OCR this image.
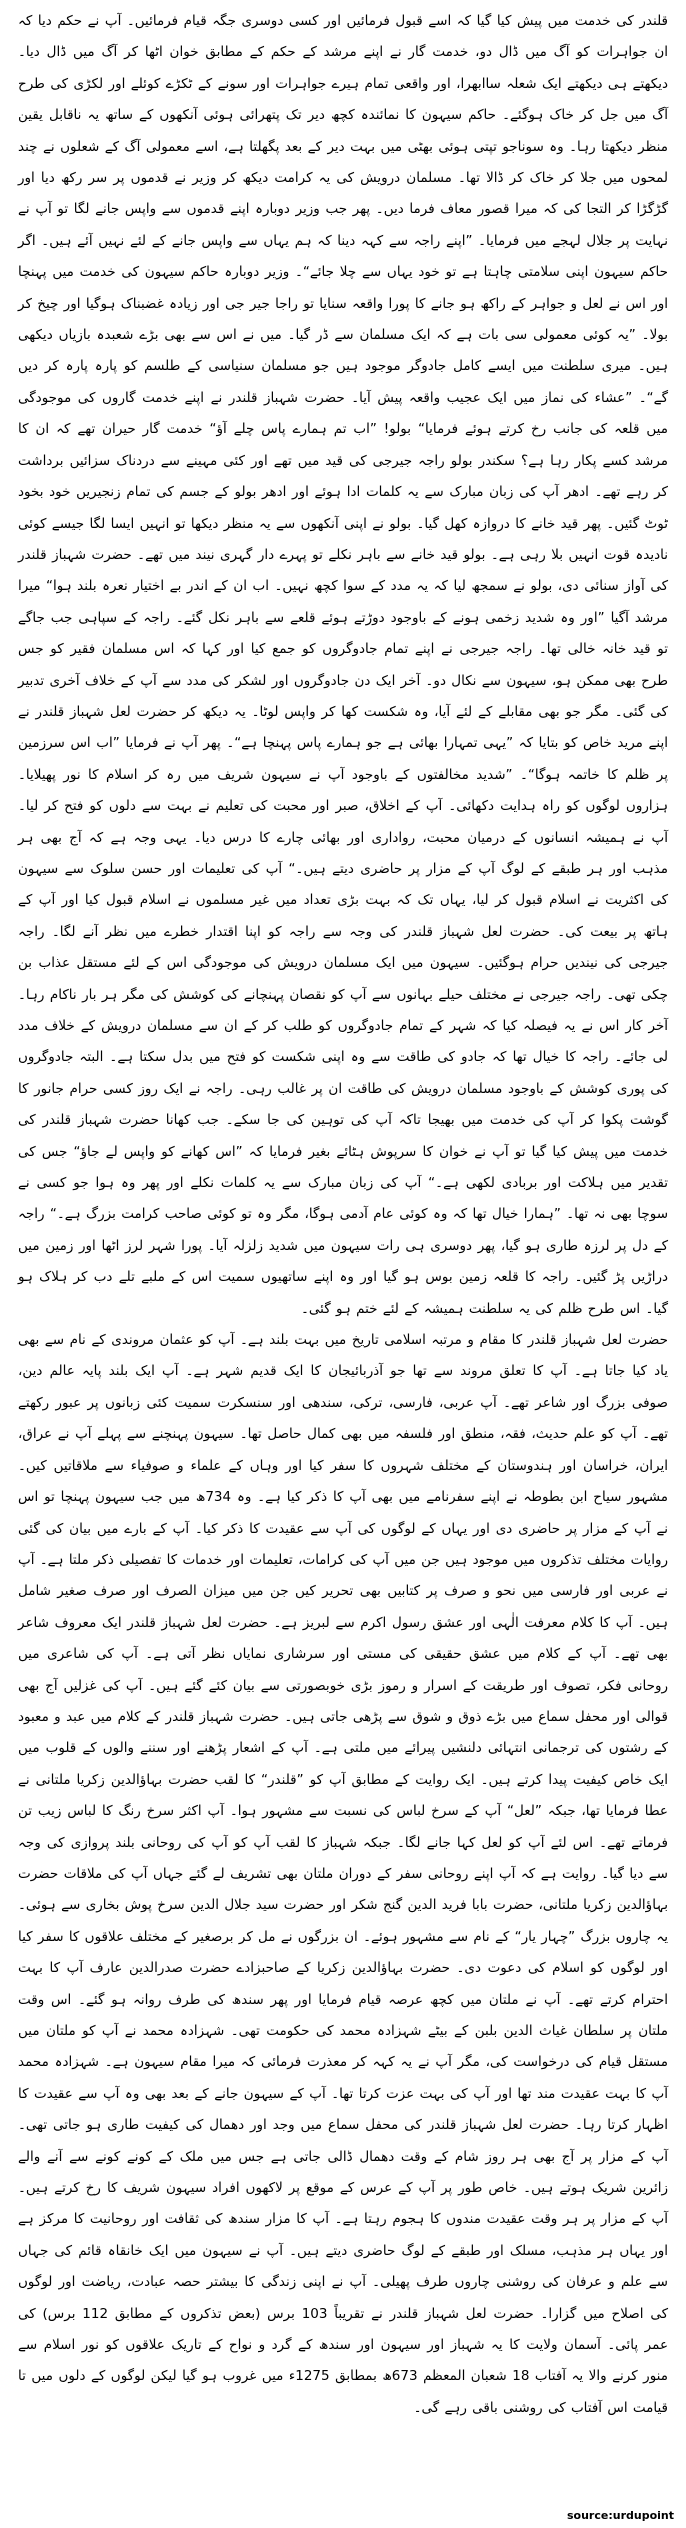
قلندر کی خدمت میں پیش کیا گیا کہ اسے قبول فرمائیں اور کسی دوسری جگہ قیام فرمائیں۔ آپ نے حکم دیا کہ ان جواہرات کو آگ میں ڈال دو، خدمت گار نے اپنے مرشد کے حکم کے مطابق خوان اٹھا کر آگ میں ڈال دیا۔ دیکھتے ہی دیکھتے ایک شعلہ ساابھرا، اور واقعی تمام ہیرے جواہرات اور سونے کے ٹکڑے کوئلے اور لکڑی کی طرح آگ میں جل کر خاک ہوگئے۔ حاکم سیہون کا نمائندہ کچھ دیر تک پتھرائی ہوئی آنکھوں کے ساتھ یہ ناقابل یقین منظر دیکھتا رہا۔ وہ سوناجو تپتی ہوئی بھٹی میں بہت دیر کے بعد پگھلتا ہے، اسے معمولی آگ کے شعلوں نے چند لمحوں میں جلا کر خاک کر ڈالا تھا۔ مسلمان درویش کی یہ کرامت دیکھ کر وزیر نے قدموں پر سر رکھ دیا اور گڑگڑا کر التجا کی کہ میرا قصور معاف فرما دیں۔ پھر جب وزیر دوبارہ اپنے قدموں سے واپس جانے لگا تو آپ نے نہایت پر جلال لہجے میں فرمایا۔ ”اپنے راجہ سے کہہ دینا کہ ہم یہاں سے واپس جانے کے لئے نہیں آئے ہیں۔ اگر حاکم سیہون اپنی سلامتی چاہتا ہے تو خود یہاں سے چلا جائے“۔ وزیر دوبارہ حاکم سیہون کی خدمت میں پہنچا اور اس نے لعل و جواہر کے راکھ ہو جانے کا پورا واقعہ سنایا تو راجا جیر جی اور زیادہ غضبناک ہوگیا اور چیخ کر بولا۔ ”یہ کوئی معمولی سی بات ہے کہ ایک مسلمان سے ڈر گیا۔ میں نے اس سے بھی بڑے شعبدہ بازیاں دیکھی ہیں۔ میری سلطنت میں ایسے کامل جادوگر موجود ہیں جو مسلمان سنیاسی کے طلسم کو پارہ پارہ کر دیں گے“۔ ”عشاء کی نماز میں ایک عجیب واقعہ پیش آیا۔ حضرت شہباز قلندر نے اپنے خدمت گاروں کی موجودگی میں قلعہ کی جانب رخ کرتے ہوئے فرمایا“ بولو! ”اب تم ہمارے پاس چلے آؤ“ خدمت گار حیران تھے کہ ان کا مرشد کسے پکار رہا ہے؟ سکندر بولو راجہ جیرجی کی قید میں تھے اور کئی مہینے سے دردناک سزائیں برداشت کر رہے تھے۔ ادھر آپ کی زبان مبارک سے یہ کلمات ادا ہوئے اور ادھر بولو کے جسم کی تمام زنجیریں خود بخود ٹوٹ گئیں۔ پھر قید خانے کا دروازہ کھل گیا۔ بولو نے اپنی آنکھوں سے یہ منظر دیکھا تو انہیں ایسا لگا جیسے کوئی نادیدہ قوت انہیں بلا رہی ہے۔ بولو قید خانے سے باہر نکلے تو پہرے دار گہری نیند میں تھے۔ حضرت شہباز قلندر کی آواز سنائی دی، بولو نے سمجھ لیا کہ یہ مدد کے سوا کچھ نہیں۔ اب ان کے اندر بے اختیار نعرہ بلند ہوا“ میرا مرشد آگیا ”اور وہ شدید زخمی ہونے کے باوجود دوڑتے ہوئے قلعے سے باہر نکل گئے۔ راجہ کے سپاہی جب جاگے تو قید خانہ خالی تھا۔ راجہ جیرجی نے اپنے تمام جادوگروں کو جمع کیا اور کہا کہ اس مسلمان فقیر کو جس طرح بھی ممکن ہو، سیہون سے نکال دو۔ آخر ایک دن جادوگروں اور لشکر کی مدد سے آپ کے خلاف آخری تدبیر کی گئی۔ مگر جو بھی مقابلے کے لئے آیا، وہ شکست کھا کر واپس لوٹا۔ یہ دیکھ کر حضرت لعل شہباز قلندر نے اپنے مرید خاص کو بتایا کہ ”یہی تمہارا بھائی ہے جو ہمارے پاس پہنچا ہے“۔ پھر آپ نے فرمایا ”اب اس سرزمین پر ظلم کا خاتمہ ہوگا“۔ ”شدید مخالفتوں کے باوجود آپ نے سیہون شریف میں رہ کر اسلام کا نور پھیلایا۔ ہزاروں لوگوں کو راہ ہدایت دکھائی۔ آپ کے اخلاق، صبر اور محبت کی تعلیم نے بہت سے دلوں کو فتح کر لیا۔ آپ نے ہمیشہ انسانوں کے درمیان محبت، رواداری اور بھائی چارے کا درس دیا۔ یہی وجہ ہے کہ آج بھی ہر مذہب اور ہر طبقے کے لوگ آپ کے مزار پر حاضری دیتے ہیں۔“ آپ کی تعلیمات اور حسن سلوک سے سیہون کی اکثریت نے اسلام قبول کر لیا، یہاں تک کہ بہت بڑی تعداد میں غیر مسلموں نے اسلام قبول کیا اور آپ کے ہاتھ پر بیعت کی۔ حضرت لعل شہباز قلندر کی وجہ سے راجہ کو اپنا اقتدار خطرے میں نظر آنے لگا۔ راجہ جیرجی کی نیندیں حرام ہوگئیں۔ سیہون میں ایک مسلمان درویش کی موجودگی اس کے لئے مستقل عذاب بن چکی تھی۔ راجہ جیرجی نے مختلف حیلے بہانوں سے آپ کو نقصان پہنچانے کی کوشش کی مگر ہر بار ناکام رہا۔ آخر کار اس نے یہ فیصلہ کیا کہ شہر کے تمام جادوگروں کو طلب کر کے ان سے مسلمان درویش کے خلاف مدد لی جائے۔ راجہ کا خیال تھا کہ جادو کی طاقت سے وہ اپنی شکست کو فتح میں بدل سکتا ہے۔ البتہ جادوگروں کی پوری کوشش کے باوجود مسلمان درویش کی طاقت ان پر غالب رہی۔ راجہ نے ایک روز کسی حرام جانور کا گوشت پکوا کر آپ کی خدمت میں بھیجا تاکہ آپ کی توہین کی جا سکے۔ جب کھانا حضرت شہباز قلندر کی خدمت میں پیش کیا گیا تو آپ نے خوان کا سرپوش ہٹائے بغیر فرمایا کہ ”اس کھانے کو واپس لے جاؤ“ جس کی تقدیر میں ہلاکت اور بربادی لکھی ہے۔“ آپ کی زبان مبارک سے یہ کلمات نکلے اور پھر وہ ہوا جو کسی نے سوچا بھی نہ تھا۔ ”ہمارا خیال تھا کہ وہ کوئی عام آدمی ہوگا، مگر وہ تو کوئی صاحب کرامت بزرگ ہے۔“ راجہ کے دل پر لرزہ طاری ہو گیا، پھر دوسری ہی رات سیہون میں شدید زلزلہ آیا۔ پورا شہر لرز اٹھا اور زمین میں دراڑیں پڑ گئیں۔ راجہ کا قلعہ زمین بوس ہو گیا اور وہ اپنے ساتھیوں سمیت اس کے ملبے تلے دب کر ہلاک ہو گیا۔ اس طرح ظلم کی یہ سلطنت ہمیشہ کے لئے ختم ہو گئی۔

حضرت لعل شہباز قلندر کا مقام و مرتبہ اسلامی تاریخ میں بہت بلند ہے۔ آپ کو عثمان مروندی کے نام سے بھی یاد کیا جاتا ہے۔ آپ کا تعلق مروند سے تھا جو آذربائیجان کا ایک قدیم شہر ہے۔ آپ ایک بلند پایہ عالم دین، صوفی بزرگ اور شاعر تھے۔ آپ عربی، فارسی، ترکی، سندھی اور سنسکرت سمیت کئی زبانوں پر عبور رکھتے تھے۔ آپ کو علم حدیث، فقہ، منطق اور فلسفہ میں بھی کمال حاصل تھا۔ سیہون پہنچنے سے پہلے آپ نے عراق، ایران، خراسان اور ہندوستان کے مختلف شہروں کا سفر کیا اور وہاں کے علماء و صوفیاء سے ملاقاتیں کیں۔ مشہور سیاح ابن بطوطہ نے اپنے سفرنامے میں بھی آپ کا ذکر کیا ہے۔ وہ 734ھ میں جب سیہون پہنچا تو اس نے آپ کے مزار پر حاضری دی اور یہاں کے لوگوں کی آپ سے عقیدت کا ذکر کیا۔ آپ کے بارے میں بیان کی گئی روایات مختلف تذکروں میں موجود ہیں جن میں آپ کی کرامات، تعلیمات اور خدمات کا تفصیلی ذکر ملتا ہے۔ آپ نے عربی اور فارسی میں نحو و صرف پر کتابیں بھی تحریر کیں جن میں میزان الصرف اور صرف صغیر شامل ہیں۔ آپ کا کلام معرفت الٰہی اور عشق رسول اکرم سے لبریز ہے۔ حضرت لعل شہباز قلندر ایک معروف شاعر بھی تھے۔ آپ کے کلام میں عشق حقیقی کی مستی اور سرشاری نمایاں نظر آتی ہے۔ آپ کی شاعری میں روحانی فکر، تصوف اور طریقت کے اسرار و رموز بڑی خوبصورتی سے بیان کئے گئے ہیں۔ آپ کی غزلیں آج بھی قوالی اور محفل سماع میں بڑے ذوق و شوق سے پڑھی جاتی ہیں۔ حضرت شہباز قلندر کے کلام میں عبد و معبود کے رشتوں کی ترجمانی انتہائی دلنشیں پیرائے میں ملتی ہے۔ آپ کے اشعار پڑھنے اور سننے والوں کے قلوب میں ایک خاص کیفیت پیدا کرتے ہیں۔ ایک روایت کے مطابق آپ کو ”قلندر“ کا لقب حضرت بہاؤالدین زکریا ملتانی نے عطا فرمایا تھا، جبکہ ”لعل“ آپ کے سرخ لباس کی نسبت سے مشہور ہوا۔ آپ اکثر سرخ رنگ کا لباس زیب تن فرماتے تھے۔ اس لئے آپ کو لعل کہا جانے لگا۔ جبکہ شہباز کا لقب آپ کو آپ کی روحانی بلند پروازی کی وجہ سے دیا گیا۔ روایت ہے کہ آپ اپنے روحانی سفر کے دوران ملتان بھی تشریف لے گئے جہاں آپ کی ملاقات حضرت بہاؤالدین زکریا ملتانی، حضرت بابا فرید الدین گنج شکر اور حضرت سید جلال الدین سرخ پوش بخاری سے ہوئی۔ یہ چاروں بزرگ ”چہار یار“ کے نام سے مشہور ہوئے۔ ان بزرگوں نے مل کر برصغیر کے مختلف علاقوں کا سفر کیا اور لوگوں کو اسلام کی دعوت دی۔ حضرت بہاؤالدین زکریا کے صاحبزادے حضرت صدرالدین عارف آپ کا بہت احترام کرتے تھے۔ آپ نے ملتان میں کچھ عرصہ قیام فرمایا اور پھر سندھ کی طرف روانہ ہو گئے۔ اس وقت ملتان پر سلطان غیاث الدین بلبن کے بیٹے شہزادہ محمد کی حکومت تھی۔ شہزادہ محمد نے آپ کو ملتان میں مستقل قیام کی درخواست کی، مگر آپ نے یہ کہہ کر معذرت فرمائی کہ میرا مقام سیہون ہے۔ شہزادہ محمد آپ کا بہت عقیدت مند تھا اور آپ کی بہت عزت کرتا تھا۔ آپ کے سیہون جانے کے بعد بھی وہ آپ سے عقیدت کا اظہار کرتا رہا۔ حضرت لعل شہباز قلندر کی محفل سماع میں وجد اور دھمال کی کیفیت طاری ہو جاتی تھی۔ آپ کے مزار پر آج بھی ہر روز شام کے وقت دھمال ڈالی جاتی ہے جس میں ملک کے کونے کونے سے آنے والے زائرین شریک ہوتے ہیں۔ خاص طور پر آپ کے عرس کے موقع پر لاکھوں افراد سیہون شریف کا رخ کرتے ہیں۔ آپ کے مزار پر ہر وقت عقیدت مندوں کا ہجوم رہتا ہے۔ آپ کا مزار سندھ کی ثقافت اور روحانیت کا مرکز ہے اور یہاں ہر مذہب، مسلک اور طبقے کے لوگ حاضری دیتے ہیں۔ آپ نے سیہون میں ایک خانقاہ قائم کی جہاں سے علم و عرفان کی روشنی چاروں طرف پھیلی۔ آپ نے اپنی زندگی کا بیشتر حصہ عبادت، ریاضت اور لوگوں کی اصلاح میں گزارا۔ حضرت لعل شہباز قلندر نے تقریباً 103 برس (بعض تذکروں کے مطابق 112 برس) کی عمر پائی۔ آسمان ولایت کا یہ شہباز اور سیہون اور سندھ کے گرد و نواح کے تاریک علاقوں کو نور اسلام سے منور کرنے والا یہ آفتاب 18 شعبان المعظم 673ھ بمطابق 1275ء میں غروب ہو گیا لیکن لوگوں کے دلوں میں تا قیامت اس آفتاب کی روشنی باقی رہے گی۔

source:urdupoint
